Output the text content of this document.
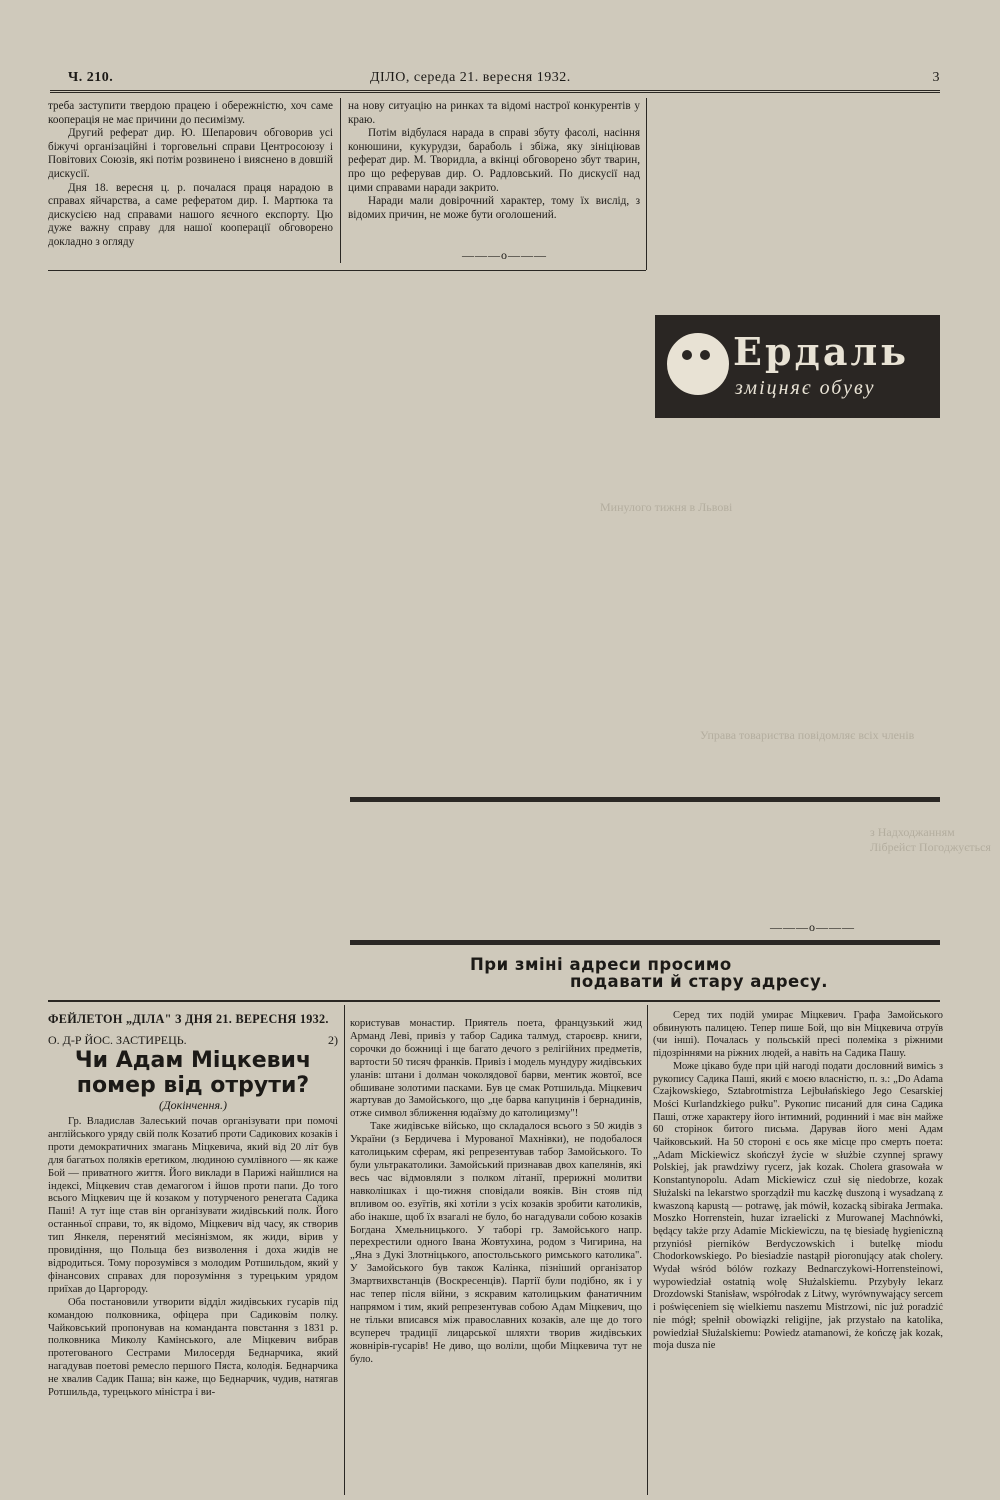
Ч. 210.	ДІЛО, середа 21. вересня 1932.	3

треба заступити твердою працею і обережністю, хоч саме кооперація не має причини до песимізму.

Другий реферат дир. Ю. Шепарович обговорив усі біжучі організаційні і торговельні справи Центросоюзу і Повітових Союзів, які потім розвинено і вияснено в довшій дискусії.

Дня 18. вересня ц. р. почалася праця нарадою в справах яйчарства, а саме рефератом дир. І. Мартюка та дискусією над справами нашого яєчного експорту. Цю дуже важну справу для нашої кооперації обговорено докладно з огляду

на нову ситуацію на ринках та відомі настрої конкурентів у краю.

Потім відбулася нарада в справі збуту фасолі, насіння конюшини, кукурудзи, бараболь і збіжа, яку зініціював реферат дир. М. Творидла, а вкінці обговорено збут тварин, про що реферував дир. О. Радловський. По дискусії над цими справами наради закрито.

Наради мали довірочний характер, тому їх вислід, з відомих причин, не може бути оголошений.

———o———
Ердаль
зміцняє обуву
Минулого тижня в Львові
Управа товариства повідомляє всіх членів
з Надходжанням Лібрейст Погоджується
———o———
При зміні адреси просимо
подавати й стару адресу.
ФЕЙЛЕТОН „ДІЛА" З ДНЯ 21. ВЕРЕСНЯ 1932.
О. Д-Р ЙОС. ЗАСТИРЕЦЬ.	2)
Чи Адам Міцкевич помер від отрути?
(Докінчення.)

Гр. Владислав Залеський почав організувати при помочі англійського уряду свій полк Козатиб проти Садикових козаків і проти демократичних змагань Міцкевича, який від 20 літ був для багатьох поляків еретиком, людиною сумлівного — як каже Бой — приватного життя. Його виклади в Парижі найшлися на індексі, Міцкевич став демагогом і йшов проти папи. До того всього Міцкевич ще й козаком у потурченого ренегата Садика Паші! А тут іще став він організувати жидівський полк. Його останньої справи, то, як відомо, Міцкевич від часу, як створив тип Янкеля, перенятий месіянізмом, як жиди, вірив у провидіння, що Польща без визволення і доха жидів не відродиться. Тому порозумівся з молодим Ротшильдом, який у фінансових справах для порозуміння з турецьким урядом приїхав до Царгороду.

Оба постановили утворити відділ жидівських гусарів під командою полковника, офіцера при Садиковім полку. Чайковський пропонував на команданта повстання з 1831 р. полковника Миколу Камінського, але Міцкевич вибрав протегованого Сестрами Милосердя Беднарчика, який нагадував поетові ремесло першого Пяста, колодія. Беднарчика не хвалив Садик Паша; він каже, що Беднарчик, чудив, натягав Ротшильда, турецького міністра і ви-

користував монастир. Приятель поета, французький жид Арманд Леві, привіз у табор Садика талмуд, староєвр. книги, сорочки до божниці і ще багато дечого з релігійних предметів, вартости 50 тисяч франків. Привіз і модель мундуру жидівських уланів: штани і долман чоколядової барви, ментик жовтої, все обшиване золотими пасками. Був це смак Ротшильда. Міцкевич жартував до Замойського, що „це барва капуцинів і бернадинів, отже символ зближення юдаїзму до католицизму"!

Таке жидівське військо, що складалося всього з 50 жидів з України (з Бердичева і Мурованої Махнівки), не подобалося католицьким сферам, які репрезентував табор Замойського. То були ультракатолики. Замойський признавав двох капелянів, які весь час відмовляли з полком літанії, прерижні молитви навколішках і що-тижня сповідали вояків. Він стояв під впливом оо. езуїтів, які хотіли з усіх козаків зробити католиків, або інакше, щоб їх взагалі не було, бо нагадували собою козаків Богдана Хмельницького. У таборі гр. Замойського напр. перехрестили одного Івана Жовтухина, родом з Чигирина, на „Яна з Дукі Злотніцького, апостольського римського католика". У Замойського був також Калінка, пізніший організатор Змартвихвстанців (Воскресенців). Партії були подібно, як і у нас тепер після війни, з яскравим католицьким фанатичним напрямом і тим, який репрезентував собою Адам Міцкевич, що не тільки вписався між православних козаків, але ще до того всупереч традиції лицарської шляхти творив жидівських жовнірів-гусарів! Не диво, що воліли, щоби Міцкевича тут не було.

Серед тих подій умирає Міцкевич. Графа Замойського обвинують палицею. Тепер пише Бой, що він Міцкевича отруїв (чи інші). Почалась у польській пресі полеміка з ріжними підозріннями на ріжних людей, а навіть на Садика Пашу.

Може цікаво буде при цій нагоді подати дословний вимісь з рукопису Садика Паші, який є моєю власністю, п. з.: „Do Adama Czajkowskiego, Sztabrotmistrza Lejbułańskiego Jego Cesarskiej Mości Kurlandzkiego pułku". Рукопис писаний для сина Садика Паші, отже характеру його інтимний, родинний і має він майже 60 сторінок битого письма. Дарував його мені Адам Чайковський. На 50 стороні є ось яке місце про смерть поета: „Adam Mickiewicz skończył życie w służbie czynnej sprawy Polskiej, jak prawdziwy rycerz, jak kozak. Cholera grasowała w Konstantynopolu. Adam Mickiewicz czuł się niedobrze, kozak Służalski na lekarstwo sporządził mu kaczkę duszoną i wysadzaną z kwaszoną kapustą — potrawę, jak mówił, kozacką sibiraka Jermaka. Moszko Horrenstein, huzar izraelicki z Murowanej Machnówki, będący także przy Adamie Mickiewiczu, na tę biesiadę hygieniczną przyniósł pierników Berdyczowskich i butelkę miodu Chodorkowskiego. Po biesiadzie nastąpił pioronujący atak cholery. Wydał wśród bólów rozkazy Bednarczykowi-Horrensteinowi, wypowiedział ostatnią wolę Służalskiemu. Przybyły lekarz Drozdowski Stanisław, współrodak z Litwy, wyrównywający sercem i poświęceniem się wielkiemu naszemu Mistrzowi, nic już poradzić nie mógł; spełnił obowiązki religijne, jak przystało na katolika, powiedział Służalskiemu: Powiedz atamanowi, że kończę jak kozak, moja dusza nie
